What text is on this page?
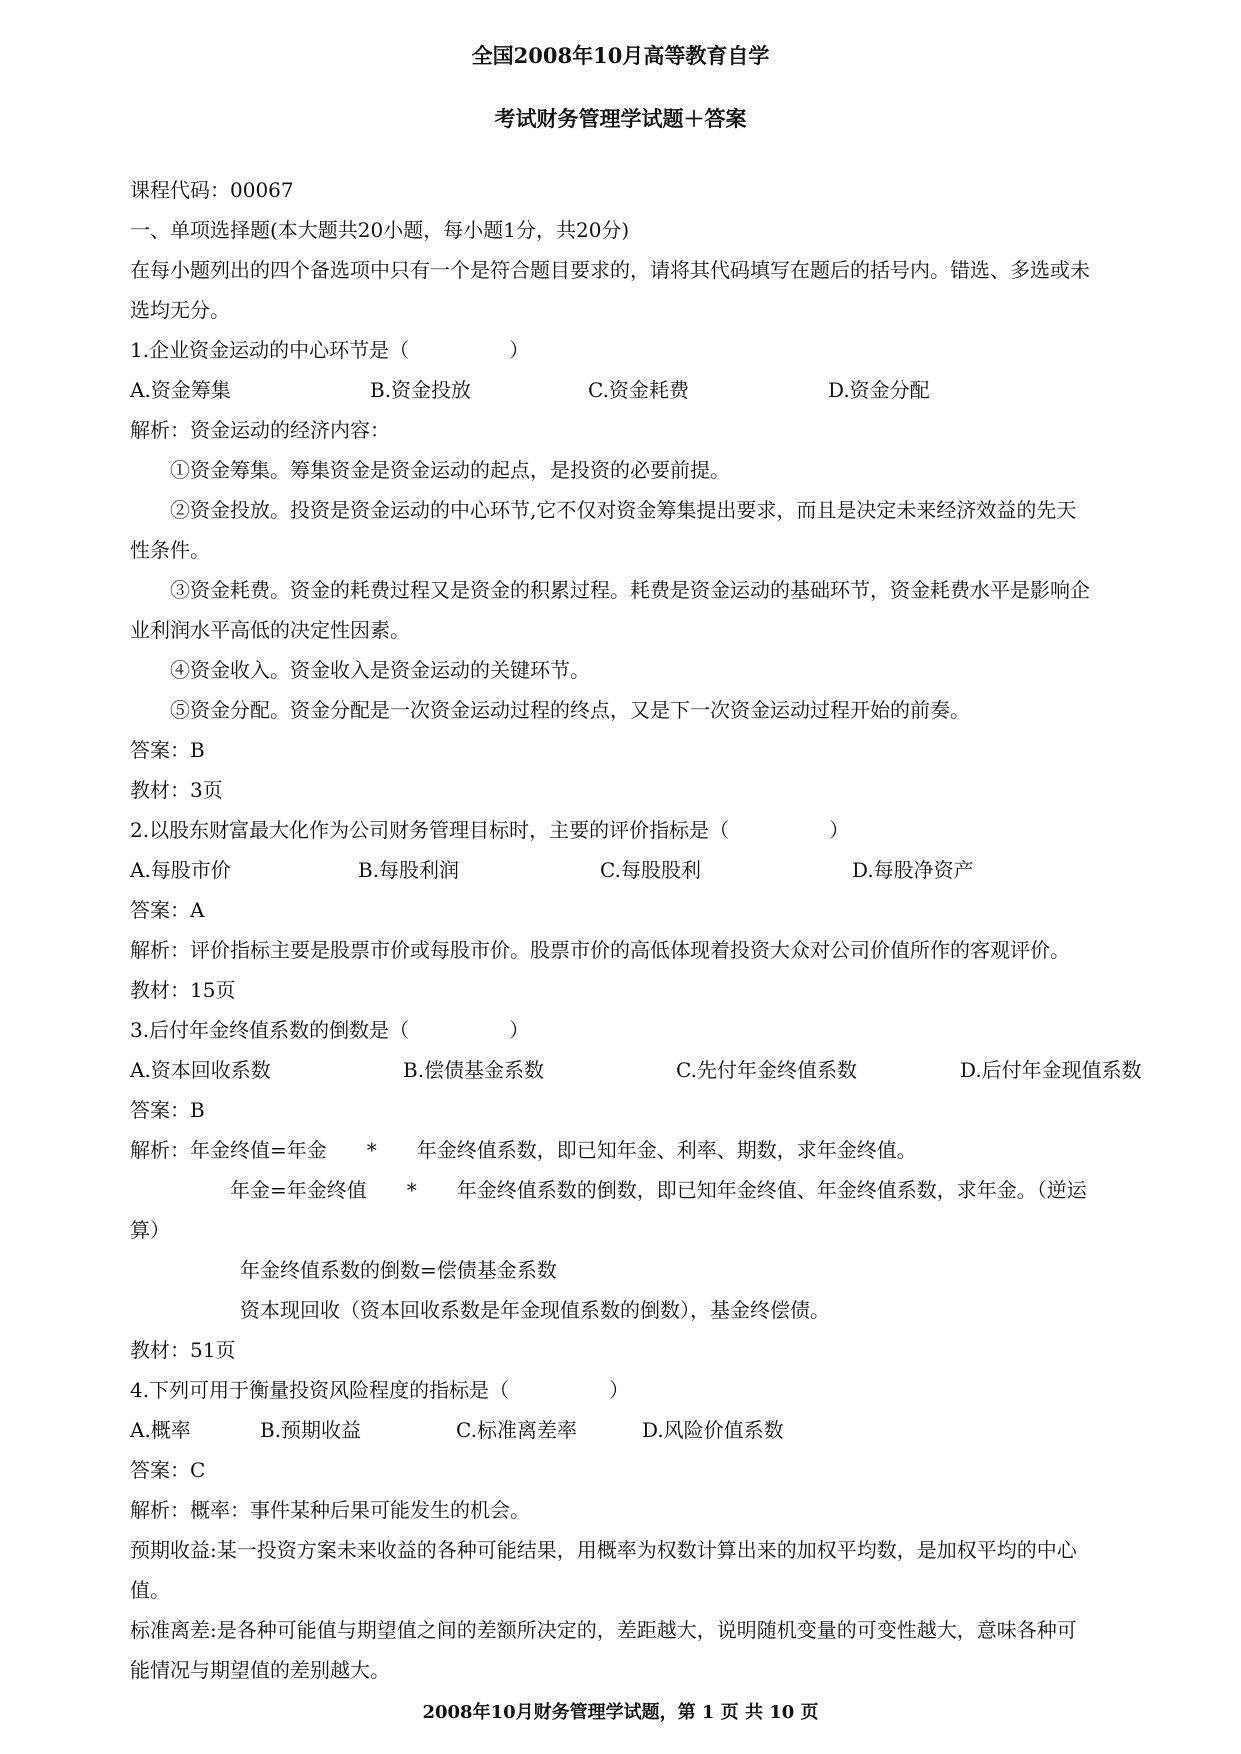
全国2008年10月高等教育自学
考试财务管理学试题＋答案
课程代码：00067
一、单项选择题(本大题共20小题，每小题1分，共20分)
在每小题列出的四个备选项中只有一个是符合题目要求的，请将其代码填写在题后的括号内。错选、多选或未
选均无分。
1.企业资金运动的中心环节是（　　　　　）
A.资金筹集	B.资金投放	C.资金耗费	D.资金分配
解析：资金运动的经济内容：
①资金筹集。筹集资金是资金运动的起点，是投资的必要前提。
②资金投放。投资是资金运动的中心环节,它不仅对资金筹集提出要求，而且是决定未来经济效益的先天
性条件。
③资金耗费。资金的耗费过程又是资金的积累过程。耗费是资金运动的基础环节，资金耗费水平是影响企
业利润水平高低的决定性因素。
④资金收入。资金收入是资金运动的关键环节。
⑤资金分配。资金分配是一次资金运动过程的终点，又是下一次资金运动过程开始的前奏。
答案：B
教材：3页
2.以股东财富最大化作为公司财务管理目标时，主要的评价指标是（　　　　　）
A.每股市价	B.每股利润	C.每股股利	D.每股净资产
答案：A
解析：评价指标主要是股票市价或每股市价。股票市价的高低体现着投资大众对公司价值所作的客观评价。
教材：15页
3.后付年金终值系数的倒数是（　　　　　）
A.资本回收系数	B.偿债基金系数	C.先付年金终值系数	D.后付年金现值系数
答案：B
解析：年金终值=年金　　*　　年金终值系数，即已知年金、利率、期数，求年金终值。
年金=年金终值　　*　　年金终值系数的倒数，即已知年金终值、年金终值系数，求年金。（逆运
算）
年金终值系数的倒数=偿债基金系数
资本现回收（资本回收系数是年金现值系数的倒数），基金终偿债。
教材：51页
4.下列可用于衡量投资风险程度的指标是（　　　　　）
A.概率	B.预期收益	C.标准离差率	D.风险价值系数
答案：C
解析：概率：事件某种后果可能发生的机会。
预期收益:某一投资方案未来收益的各种可能结果，用概率为权数计算出来的加权平均数，是加权平均的中心
值。
标准离差:是各种可能值与期望值之间的差额所决定的，差距越大，说明随机变量的可变性越大，意味各种可
能情况与期望值的差别越大。
2008年10月财务管理学试题，第 1 页 共 10 页
